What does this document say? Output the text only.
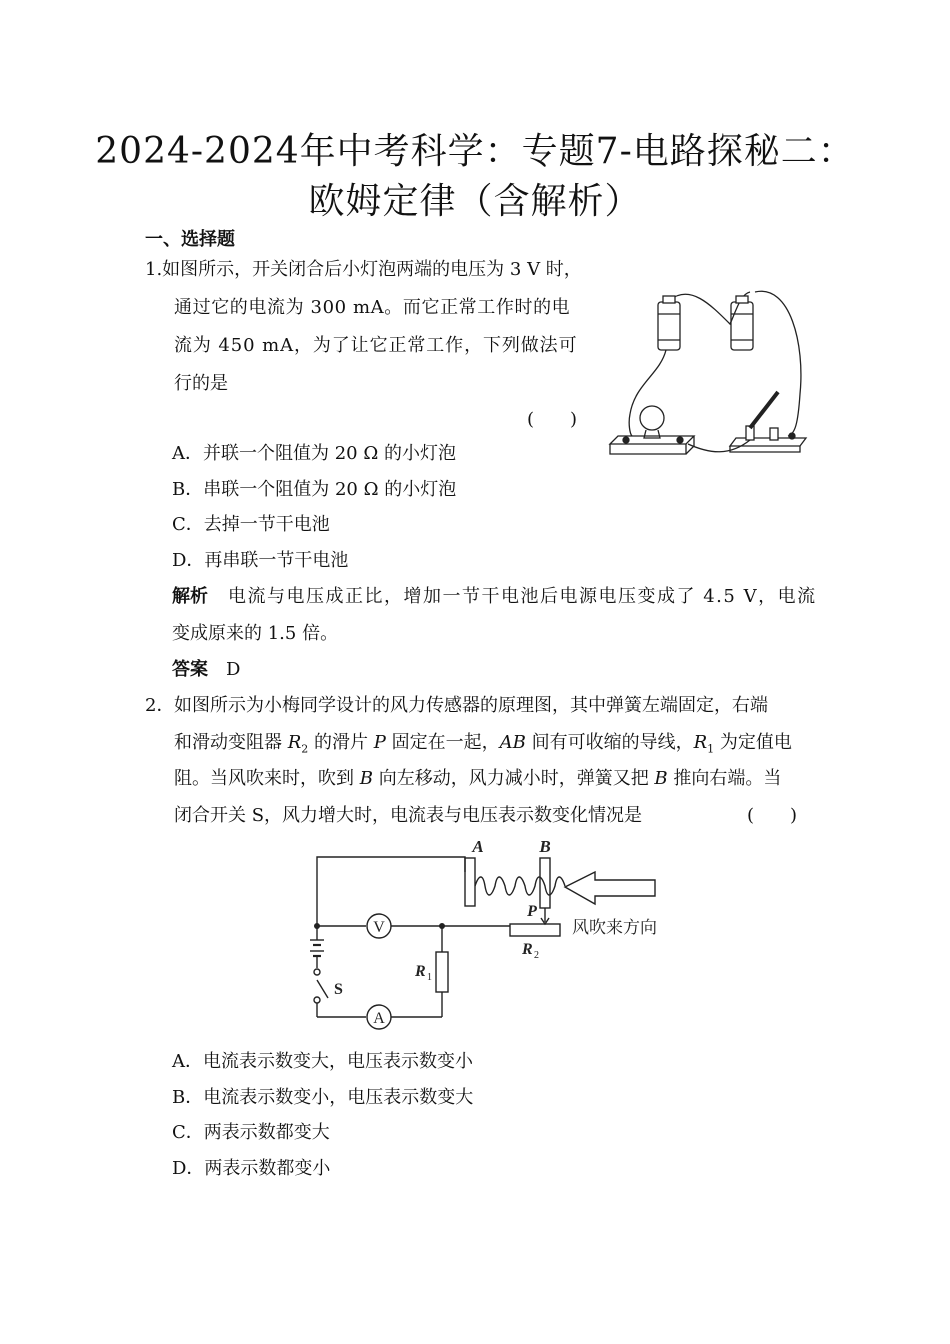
2024-2024年中考科学：专题7-电路探秘二：
欧姆定律（含解析）
一、选择题
1.如图所示，开关闭合后小灯泡两端的电压为 3 V 时，
通过它的电流为 300 mA。而它正常工作时的电
流为 450 mA，为了让它正常工作，下列做法可
行的是
(　　)
A．并联一个阻值为 20 Ω 的小灯泡
B．串联一个阻值为 20 Ω 的小灯泡
C．去掉一节干电池
D．再串联一节干电池
解析 电流与电压成正比，增加一节干电池后电源电压变成了 4.5 V，电流
变成原来的 1.5 倍。
答案 D
2． 如图所示为小梅同学设计的风力传感器的原理图，其中弹簧左端固定，右端
和滑动变阻器 $R_2$ 的滑片 P 固定在一起，AB 间有可收缩的导线，$R_1$ 为定值电
阻。当风吹来时，吹到 B 向左移动，风力减小时，弹簧又把 B 推向右端。当
闭合开关 S，风力增大时，电流表与电压表示数变化情况是	(　　)
A	B
P
V
A
R 1
R 2
S
风吹来方向
A．电流表示数变大，电压表示数变小
B．电流表示数变小，电压表示数变大
C．两表示数都变大
D．两表示数都变小
